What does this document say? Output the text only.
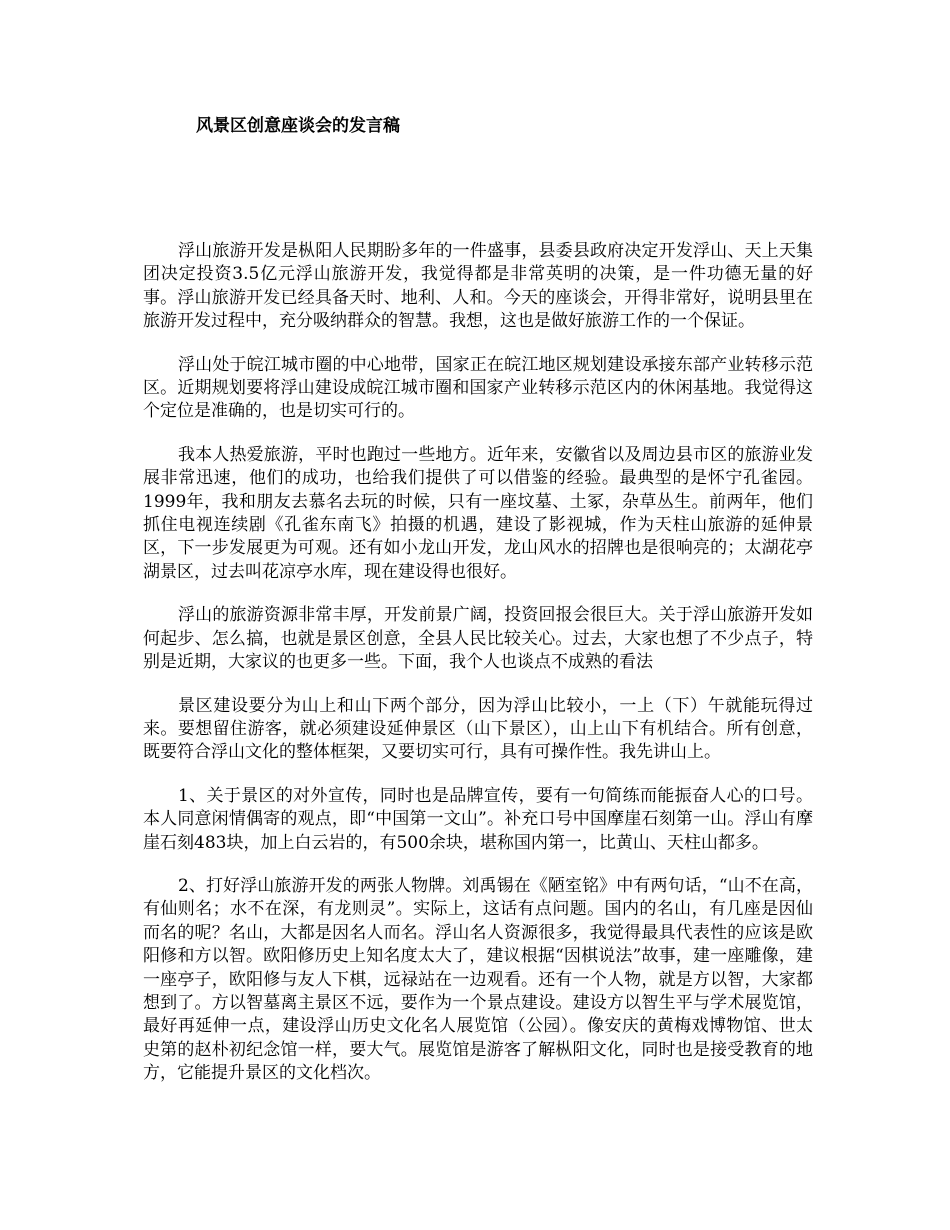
风景区创意座谈会的发言稿

浮山旅游开发是枞阳人民期盼多年的一件盛事，县委县政府决定开发浮山、天上天集团决定投资3.5亿元浮山旅游开发，我觉得都是非常英明的决策，是一件功德无量的好事。浮山旅游开发已经具备天时、地利、人和。今天的座谈会，开得非常好，说明县里在旅游开发过程中，充分吸纳群众的智慧。我想，这也是做好旅游工作的一个保证。

浮山处于皖江城市圈的中心地带，国家正在皖江地区规划建设承接东部产业转移示范区。近期规划要将浮山建设成皖江城市圈和国家产业转移示范区内的休闲基地。我觉得这个定位是准确的，也是切实可行的。

我本人热爱旅游，平时也跑过一些地方。近年来，安徽省以及周边县市区的旅游业发展非常迅速，他们的成功，也给我们提供了可以借鉴的经验。最典型的是怀宁孔雀园。1999年，我和朋友去慕名去玩的时候，只有一座坟墓、土冢，杂草丛生。前两年，他们抓住电视连续剧《孔雀东南飞》拍摄的机遇，建设了影视城，作为天柱山旅游的延伸景区，下一步发展更为可观。还有如小龙山开发，龙山风水的招牌也是很响亮的；太湖花亭湖景区，过去叫花凉亭水库，现在建设得也很好。

浮山的旅游资源非常丰厚，开发前景广阔，投资回报会很巨大。关于浮山旅游开发如何起步、怎么搞，也就是景区创意，全县人民比较关心。过去，大家也想了不少点子，特别是近期，大家议的也更多一些。下面，我个人也谈点不成熟的看法

景区建设要分为山上和山下两个部分，因为浮山比较小，一上（下）午就能玩得过来。要想留住游客，就必须建设延伸景区（山下景区），山上山下有机结合。所有创意，既要符合浮山文化的整体框架，又要切实可行，具有可操作性。我先讲山上。

1、关于景区的对外宣传，同时也是品牌宣传，要有一句简练而能振奋人心的口号。本人同意闲情偶寄的观点，即“中国第一文山”。补充口号中国摩崖石刻第一山。浮山有摩崖石刻483块，加上白云岩的，有500余块，堪称国内第一，比黄山、天柱山都多。

2、打好浮山旅游开发的两张人物牌。刘禹锡在《陋室铭》中有两句话，“山不在高，有仙则名；水不在深，有龙则灵”。实际上，这话有点问题。国内的名山，有几座是因仙而名的呢？名山，大都是因名人而名。浮山名人资源很多，我觉得最具代表性的应该是欧阳修和方以智。欧阳修历史上知名度太大了，建议根据“因棋说法”故事，建一座雕像，建一座亭子，欧阳修与友人下棋，远禄站在一边观看。还有一个人物，就是方以智，大家都想到了。方以智墓离主景区不远，要作为一个景点建设。建设方以智生平与学术展览馆，最好再延伸一点，建设浮山历史文化名人展览馆（公园）。像安庆的黄梅戏博物馆、世太史第的赵朴初纪念馆一样，要大气。展览馆是游客了解枞阳文化，同时也是接受教育的地方，它能提升景区的文化档次。
